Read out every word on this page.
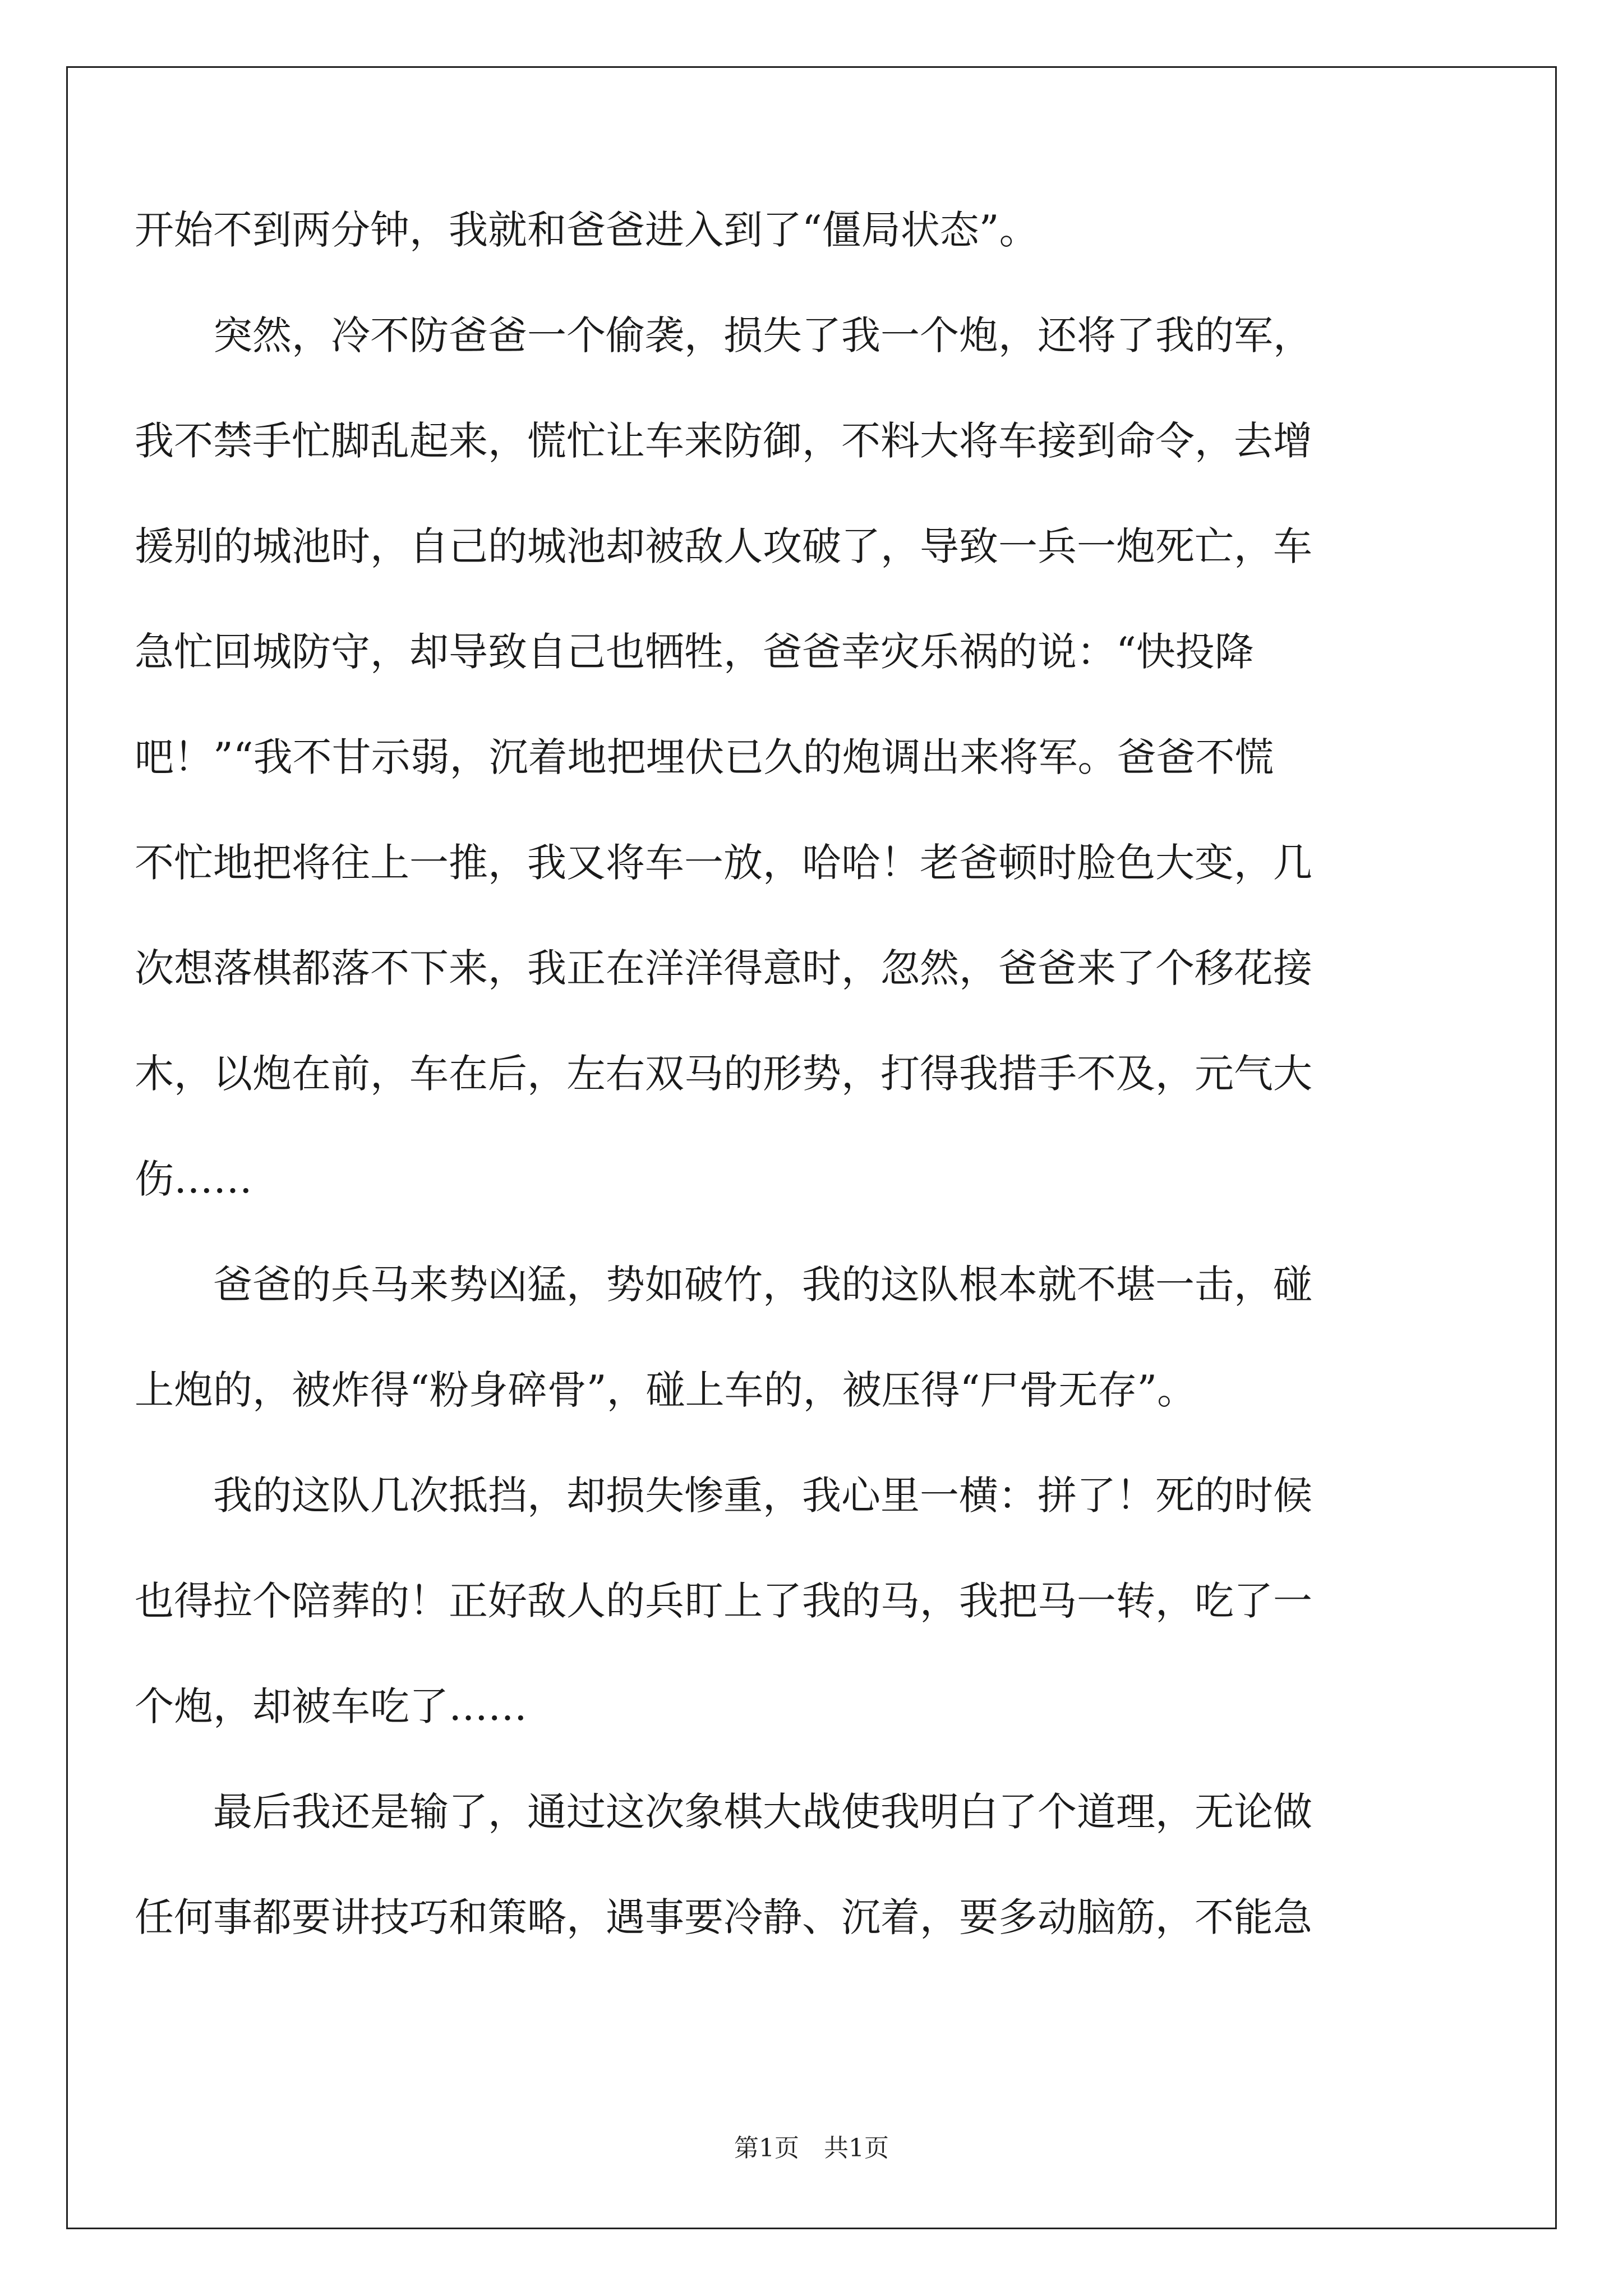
开始不到两分钟，我就和爸爸进入到了“僵局状态”。
　　突然，冷不防爸爸一个偷袭，损失了我一个炮，还将了我的军，
我不禁手忙脚乱起来，慌忙让车来防御，不料大将车接到命令，去增
援别的城池时，自己的城池却被敌人攻破了，导致一兵一炮死亡，车
急忙回城防守，却导致自己也牺牲，爸爸幸灾乐祸的说：“快投降
吧！”“我不甘示弱，沉着地把埋伏已久的炮调出来将军。爸爸不慌
不忙地把将往上一推，我又将车一放，哈哈！老爸顿时脸色大变，几
次想落棋都落不下来，我正在洋洋得意时，忽然，爸爸来了个移花接
木，以炮在前，车在后，左右双马的形势，打得我措手不及，元气大
伤……
　　爸爸的兵马来势凶猛，势如破竹，我的这队根本就不堪一击，碰
上炮的，被炸得“粉身碎骨”，碰上车的，被压得“尸骨无存”。
　　我的这队几次抵挡，却损失惨重，我心里一横：拼了！死的时候
也得拉个陪葬的！正好敌人的兵盯上了我的马，我把马一转，吃了一
个炮，却被车吃了……
　　最后我还是输了，通过这次象棋大战使我明白了个道理，无论做
任何事都要讲技巧和策略，遇事要冷静、沉着，要多动脑筋，不能急
第1页　共1页
